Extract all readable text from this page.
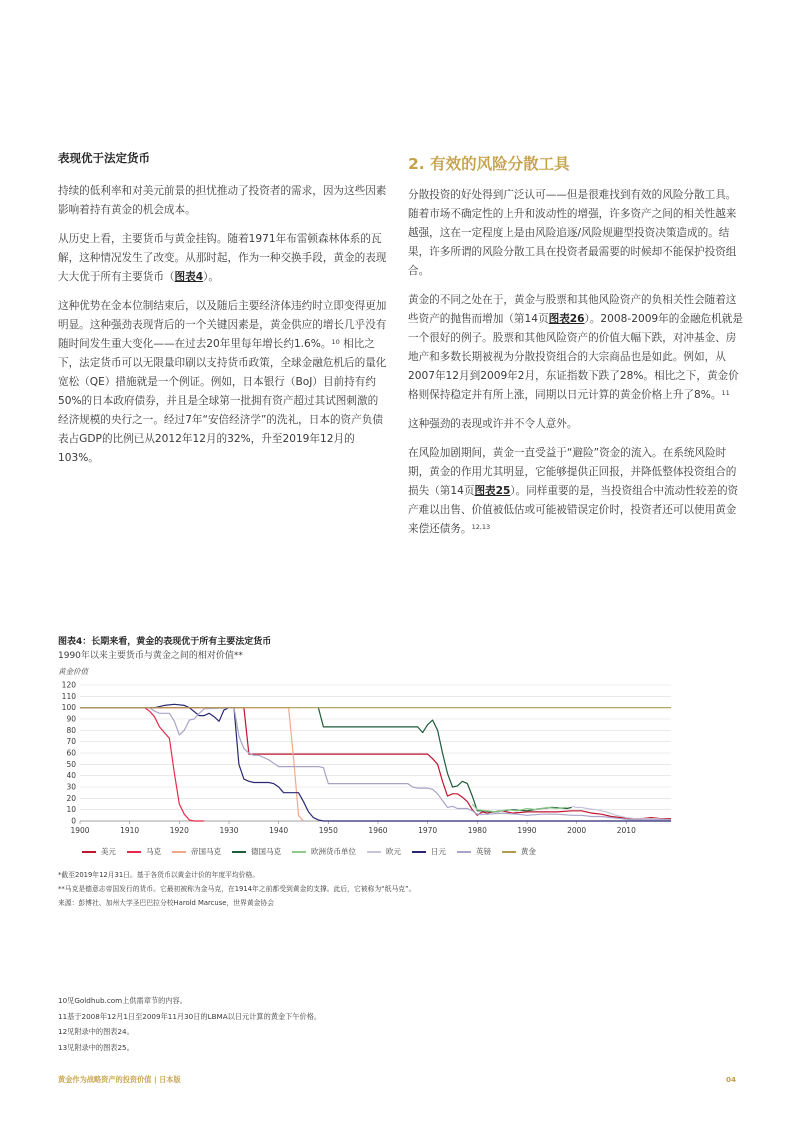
表现优于法定货币

持续的低利率和对美元前景的担忧推动了投资者的需求，因为这些因素影响着持有黄金的机会成本。

从历史上看，主要货币与黄金挂钩。随着1971年布雷顿森林体系的瓦解，这种情况发生了改变。从那时起，作为一种交换手段，黄金的表现大大优于所有主要货币（图表4）。

这种优势在金本位制结束后，以及随后主要经济体违约时立即变得更加明显。这种强劲表现背后的一个关键因素是，黄金供应的增长几乎没有随时间发生重大变化——在过去20年里每年增长约1.6%。$^{10}$ 相比之下，法定货币可以无限量印刷以支持货币政策，全球金融危机后的量化宽松（QE）措施就是一个例证。例如，日本银行（BoJ）目前持有约50%的日本政府债券，并且是全球第一批拥有资产超过其试图刺激的经济规模的央行之一。经过7年“安倍经济学”的洗礼，日本的资产负债表占GDP的比例已从2012年12月的32%，升至2019年12月的103%。

2. 有效的风险分散工具

分散投资的好处得到广泛认可——但是很难找到有效的风险分散工具。随着市场不确定性的上升和波动性的增强，许多资产之间的相关性越来越强，这在一定程度上是由风险追逐/风险规避型投资决策造成的。结果，许多所谓的风险分散工具在投资者最需要的时候却不能保护投资组合。

黄金的不同之处在于，黄金与股票和其他风险资产的负相关性会随着这些资产的抛售而增加（第14页图表26）。2008-2009年的金融危机就是一个很好的例子。股票和其他风险资产的价值大幅下跌，对冲基金、房地产和多数长期被视为分散投资组合的大宗商品也是如此。例如，从2007年12月到2009年2月，东证指数下跌了28%。相比之下，黄金价格则保持稳定并有所上涨，同期以日元计算的黄金价格上升了8%。$^{11}$

这种强劲的表现或许并不令人意外。

在风险加剧期间，黄金一直受益于“避险”资金的流入。在系统风险时期，黄金的作用尤其明显，它能够提供正回报，并降低整体投资组合的损失（第14页图表25）。同样重要的是，当投资组合中流动性较差的资产难以出售、价值被低估或可能被错误定价时，投资者还可以使用黄金来偿还债务。$^{12,13}$

图表4：长期来看，黄金的表现优于所有主要法定货币
1990年以来主要货币与黄金之间的相对价值**
黄金价值
0
10
20
30
40
50
60
70
80
90
100
110
120
1900	1910	1920	1930	1940	1950	1960	1970	1980	1990	2000	2010
美元	马克	帝国马克	德国马克	欧洲货币单位	欧元	日元	英镑	黄金
*截至2019年12月31日。基于各货币以黄金计价的年度平均价格。
**马克是德意志帝国发行的货币。它最初被称为金马克，在1914年之前都受到黄金的支撑。此后，它被称为“纸马克”。
来源：彭博社、加州大学圣巴巴拉分校Harold Marcuse，世界黄金协会
10见Goldhub.com上供需章节的内容。
11基于2008年12月1日至2009年11月30日的LBMA以日元计算的黄金下午价格。
12见附录中的图表24。
13见附录中的图表25。
黄金作为战略资产的投资价值 | 日本版	04
